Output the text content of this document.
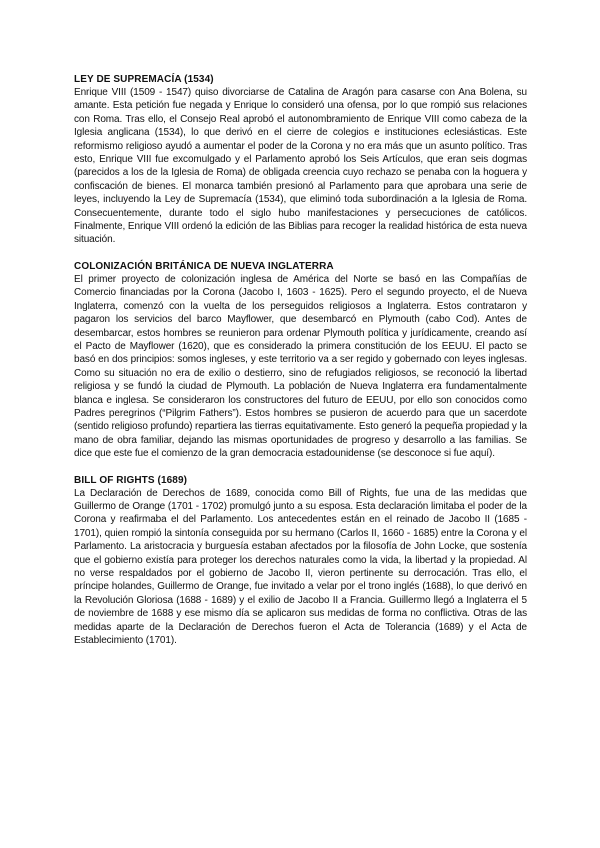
LEY DE SUPREMACÍA (1534)

Enrique VIII (1509 - 1547) quiso divorciarse de Catalina de Aragón para casarse con Ana Bolena, su amante. Esta petición fue negada y Enrique lo consideró una ofensa, por lo que rompió sus relaciones con Roma. Tras ello, el Consejo Real aprobó el autonombramiento de Enrique VIII como cabeza de la Iglesia anglicana (1534), lo que derivó en el cierre de colegios e instituciones eclesiásticas. Este reformismo religioso ayudó a aumentar el poder de la Corona y no era más que un asunto político. Tras esto, Enrique VIII fue excomulgado y el Parlamento aprobó los Seis Artículos, que eran seis dogmas (parecidos a los de la Iglesia de Roma) de obligada creencia cuyo rechazo se penaba con la hoguera y confiscación de bienes. El monarca también presionó al Parlamento para que aprobara una serie de leyes, incluyendo la Ley de Supremacía (1534), que eliminó toda subordinación a la Iglesia de Roma. Consecuentemente, durante todo el siglo hubo manifestaciones y persecuciones de católicos. Finalmente, Enrique VIII ordenó la edición de las Biblias para recoger la realidad histórica de esta nueva situación.

COLONIZACIÓN BRITÁNICA DE NUEVA INGLATERRA

El primer proyecto de colonización inglesa de América del Norte se basó en las Compañías de Comercio financiadas por la Corona (Jacobo I, 1603 - 1625). Pero el segundo proyecto, el de Nueva Inglaterra, comenzó con la vuelta de los perseguidos religiosos a Inglaterra. Estos contrataron y pagaron los servicios del barco Mayflower, que desembarcó en Plymouth (cabo Cod). Antes de desembarcar, estos hombres se reunieron para ordenar Plymouth política y jurídicamente, creando así el Pacto de Mayflower (1620), que es considerado la primera constitución de los EEUU. El pacto se basó en dos principios: somos ingleses, y este territorio va a ser regido y gobernado con leyes inglesas. Como su situación no era de exilio o destierro, sino de refugiados religiosos, se reconoció la libertad religiosa y se fundó la ciudad de Plymouth. La población de Nueva Inglaterra era fundamentalmente blanca e inglesa. Se consideraron los constructores del futuro de EEUU, por ello son conocidos como Padres peregrinos (“Pilgrim Fathers”). Estos hombres se pusieron de acuerdo para que un sacerdote (sentido religioso profundo) repartiera las tierras equitativamente. Esto generó la pequeña propiedad y la mano de obra familiar, dejando las mismas oportunidades de progreso y desarrollo a las familias. Se dice que este fue el comienzo de la gran democracia estadounidense (se desconoce si fue aquí).

BILL OF RIGHTS (1689)

La Declaración de Derechos de 1689, conocida como Bill of Rights, fue una de las medidas que Guillermo de Orange (1701 - 1702) promulgó junto a su esposa. Esta declaración limitaba el poder de la Corona y reafirmaba el del Parlamento. Los antecedentes están en el reinado de Jacobo II (1685 - 1701), quien rompió la sintonía conseguida por su hermano (Carlos II, 1660 - 1685) entre la Corona y el Parlamento. La aristocracia y burguesía estaban afectados por la filosofía de John Locke, que sostenía que el gobierno existía para proteger los derechos naturales como la vida, la libertad y la propiedad. Al no verse respaldados por el gobierno de Jacobo II, vieron pertinente su derrocación. Tras ello, el príncipe holandes, Guillermo de Orange, fue invitado a velar por el trono inglés (1688), lo que derivó en la Revolución Gloriosa (1688 - 1689) y el exilio de Jacobo II a Francia. Guillermo llegó a Inglaterra el 5 de noviembre de 1688 y ese mismo día se aplicaron sus medidas de forma no conflictiva. Otras de las medidas aparte de la Declaración de Derechos fueron el Acta de Tolerancia (1689) y el Acta de Establecimiento (1701).
